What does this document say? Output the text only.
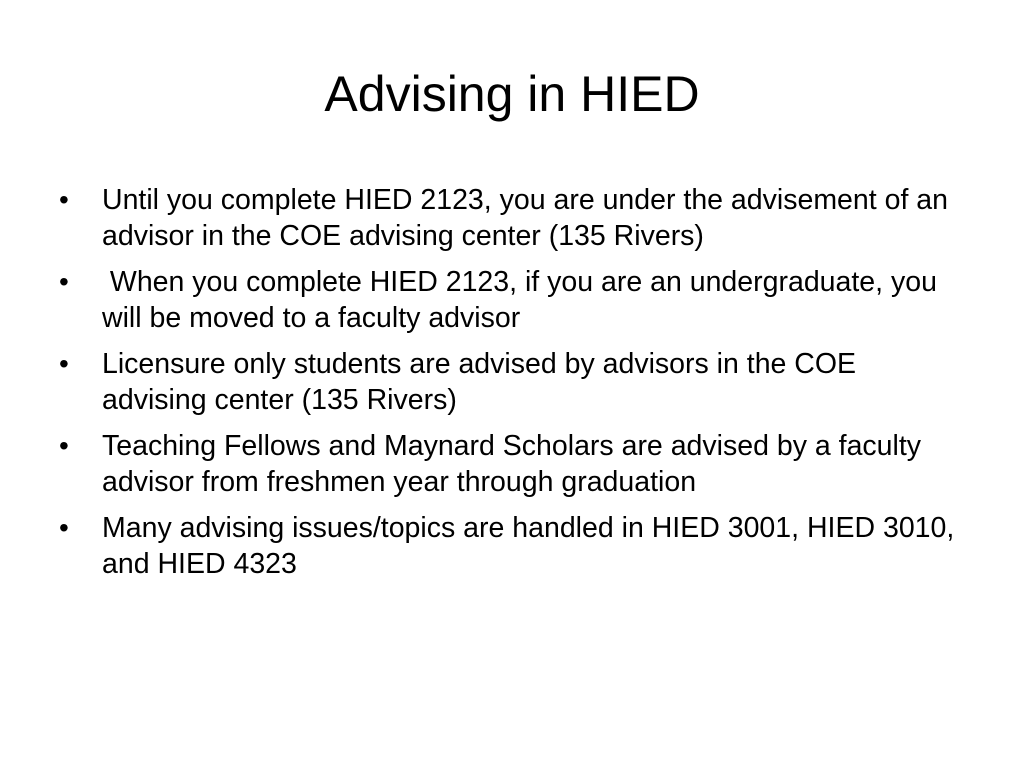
Advising in HIED
• Until you complete HIED 2123, you are under the advisement of an advisor in the COE advising center (135 Rivers)
• When you complete HIED 2123, if you are an undergraduate, you will be moved to a faculty advisor
• Licensure only students are advised by advisors in the COE advising center (135 Rivers)
• Teaching Fellows and Maynard Scholars are advised by a faculty advisor from freshmen year through graduation
• Many advising issues/topics are handled in HIED 3001, HIED 3010, and HIED 4323
